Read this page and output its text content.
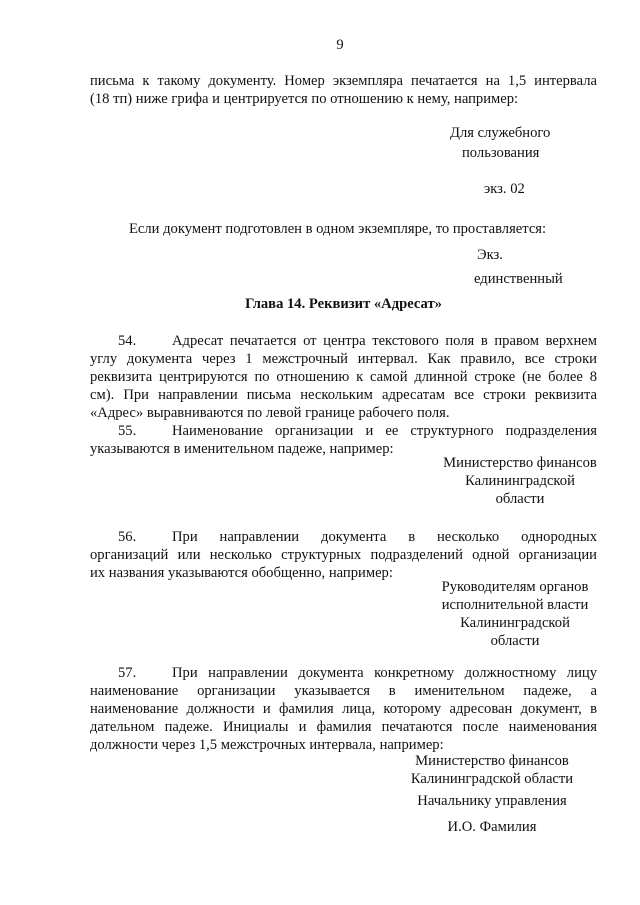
9
письма к такому документу. Номер экземпляра печатается на 1,5 интервала
(18 тп) ниже грифа и центрируется по отношению к нему, например:
Для служебного
пользования
экз. 02
Если документ подготовлен в одном экземпляре, то проставляется:
Экз.
единственный
Глава 14. Реквизит «Адресат»
54. Адресат печатается от центра текстового поля в правом верхнем
углу документа через 1 межстрочный интервал. Как правило, все строки
реквизита центрируются по отношению к самой длинной строке (не более 8
см). При направлении письма нескольким адресатам все строки реквизита
«Адрес» выравниваются по левой границе рабочего поля.
55. Наименование организации и ее структурного подразделения
указываются в именительном падеже, например:
Министерство финансов
Калининградской
области
56. При направлении документа в несколько однородных
организаций или несколько структурных подразделений одной организации
их названия указываются обобщенно, например:
Руководителям органов
исполнительной власти
Калининградской
области
57. При направлении документа конкретному должностному лицу
наименование организации указывается в именительном падеже, а
наименование должности и фамилия лица, которому адресован документ, в
дательном падеже. Инициалы и фамилия печатаются после наименования
должности через 1,5 межстрочных интервала, например:
Министерство финансов
Калининградской области
Начальнику управления
И.О. Фамилия
